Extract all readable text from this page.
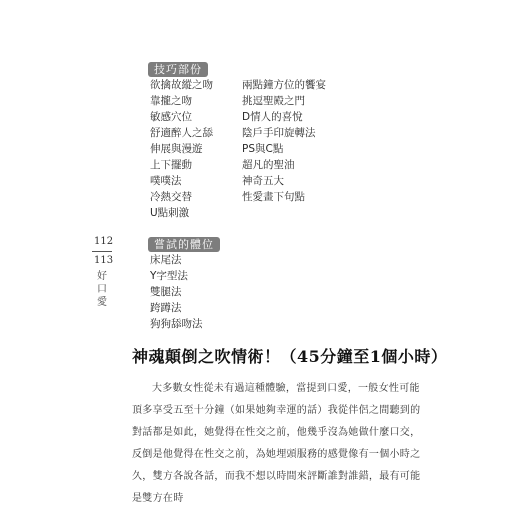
技巧部份
欲擒故縱之吻
靠攏之吻
敏感穴位
舒適醉人之舔
伸展與漫遊
上下擺動
噗噗法
冷熱交替
U點刺激
兩點鐘方位的饗宴
挑逗聖殿之門
D情人的喜悅
陰戶手印旋轉法
PS與C點
超凡的聖油
神奇五大
性愛畫下句點
112
113
好口愛
嘗試的體位
床尾法
Y字型法
雙腿法
跨蹲法
狗狗舔吻法
神魂顛倒之吹情術！（45分鐘至1個小時）
大多數女性從未有過這種體驗，當提到口愛，一般女性可能頂多享受五至十分鐘（如果她夠幸運的話）我從伴侶之間聽到的對話都是如此，她覺得在性交之前，他幾乎沒為她做什麼口交，反倒是他覺得在性交之前，為她埋頭服務的感覺像有一個小時之久，雙方各說各話，而我不想以時間來評斷誰對誰錯，最有可能是雙方在時
